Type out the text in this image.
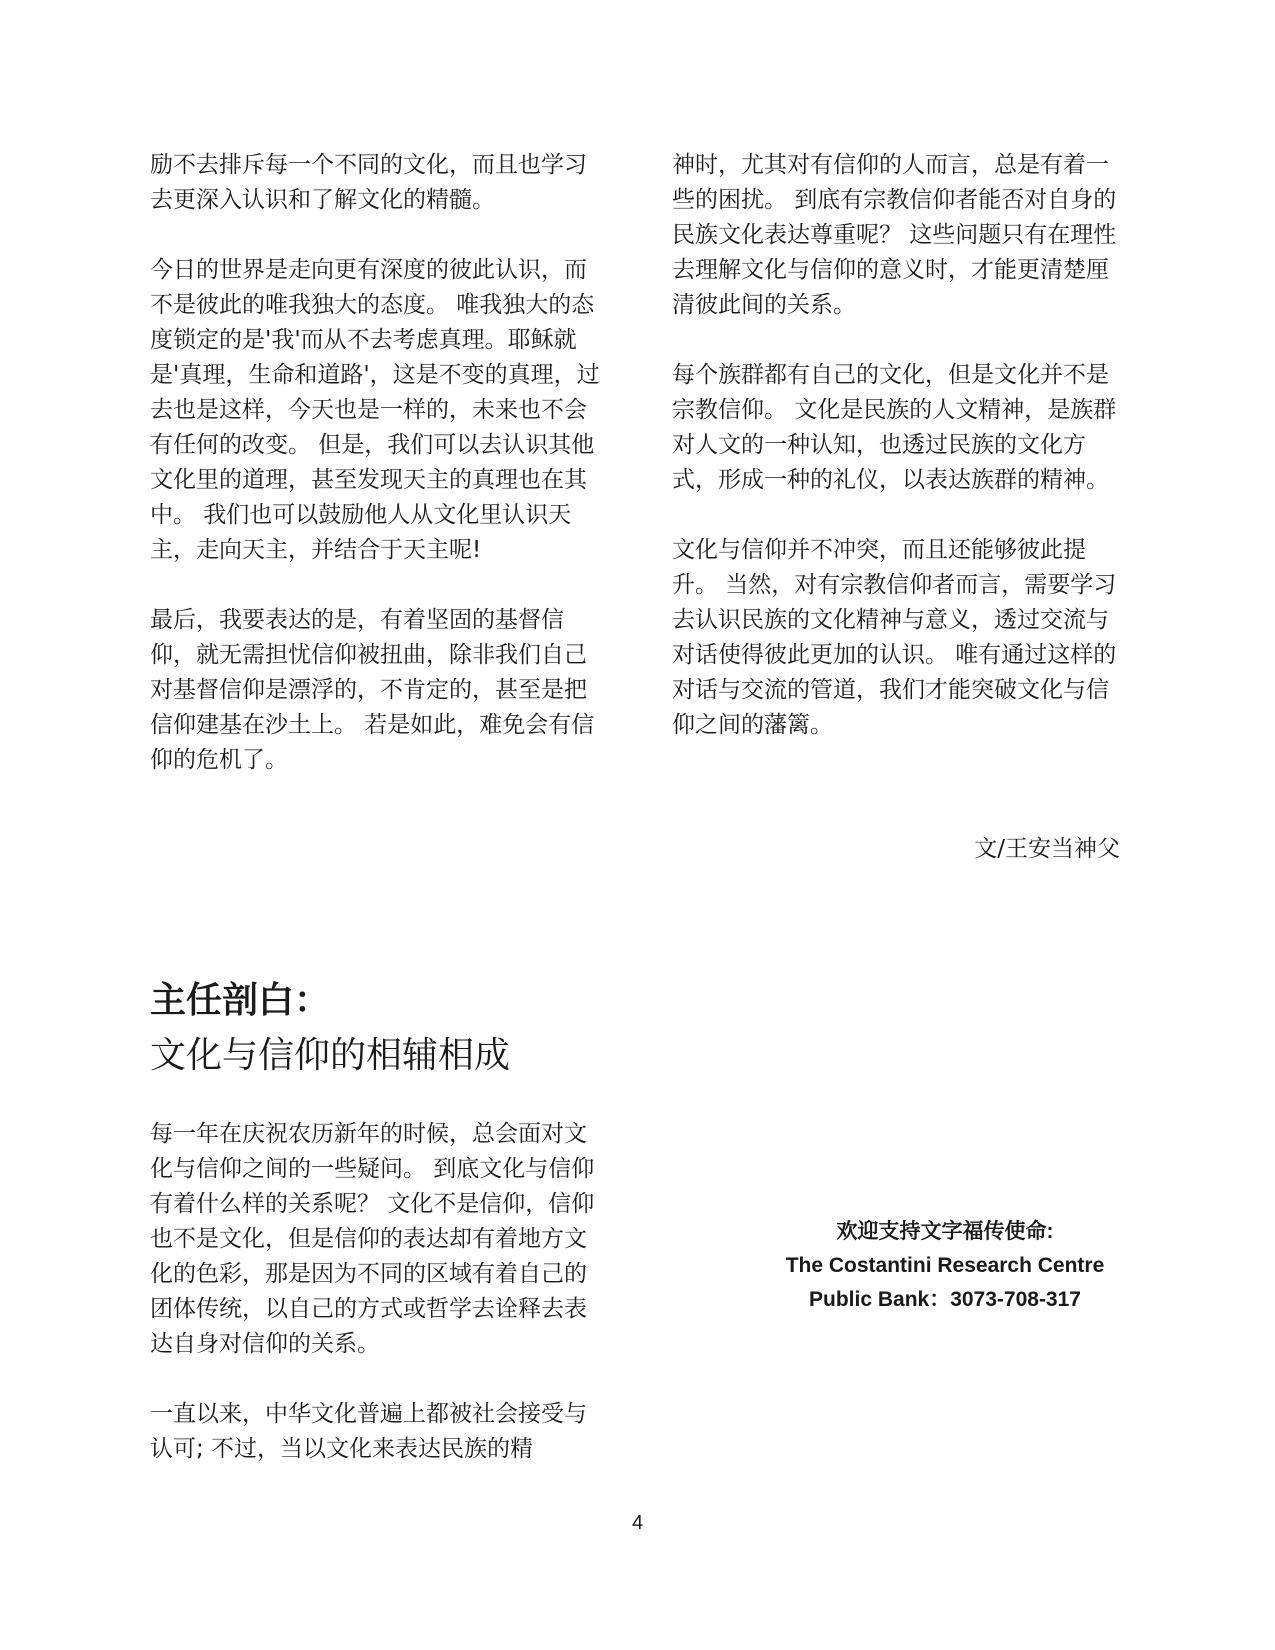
励不去排斥每一个不同的文化，而且也学习去更深入认识和了解文化的精髓。

今日的世界是走向更有深度的彼此认识，而不是彼此的唯我独大的态度。 唯我独大的态度锁定的是'我'而从不去考虑真理。耶稣就是'真理，生命和道路'，这是不变的真理，过去也是这样，今天也是一样的，未来也不会有任何的改变。 但是，我们可以去认识其他文化里的道理，甚至发现天主的真理也在其中。 我们也可以鼓励他人从文化里认识天主，走向天主，并结合于天主呢!

最后，我要表达的是，有着坚固的基督信仰，就无需担忧信仰被扭曲，除非我们自己对基督信仰是漂浮的，不肯定的，甚至是把信仰建基在沙土上。 若是如此，难免会有信仰的危机了。

神时，尤其对有信仰的人而言，总是有着一些的困扰。 到底有宗教信仰者能否对自身的民族文化表达尊重呢？ 这些问题只有在理性去理解文化与信仰的意义时，才能更清楚厘清彼此间的关系。

每个族群都有自己的文化，但是文化并不是宗教信仰。 文化是民族的人文精神，是族群对人文的一种认知，也透过民族的文化方式，形成一种的礼仪，以表达族群的精神。

文化与信仰并不冲突，而且还能够彼此提升。 当然，对有宗教信仰者而言，需要学习去认识民族的文化精神与意义，透过交流与对话使得彼此更加的认识。 唯有通过这样的对话与交流的管道，我们才能突破文化与信仰之间的藩篱。

文/王安当神父
主任剖白：
文化与信仰的相辅相成

每一年在庆祝农历新年的时候，总会面对文化与信仰之间的一些疑问。 到底文化与信仰有着什么样的关系呢？ 文化不是信仰，信仰也不是文化，但是信仰的表达却有着地方文化的色彩，那是因为不同的区域有着自己的团体传统，以自己的方式或哲学去诠释去表达自身对信仰的关系。

一直以来，中华文化普遍上都被社会接受与认可; 不过，当以文化来表达民族的精

欢迎支持文字福传使命:
The Costantini Research Centre
Public Bank：3073-708-317
4
